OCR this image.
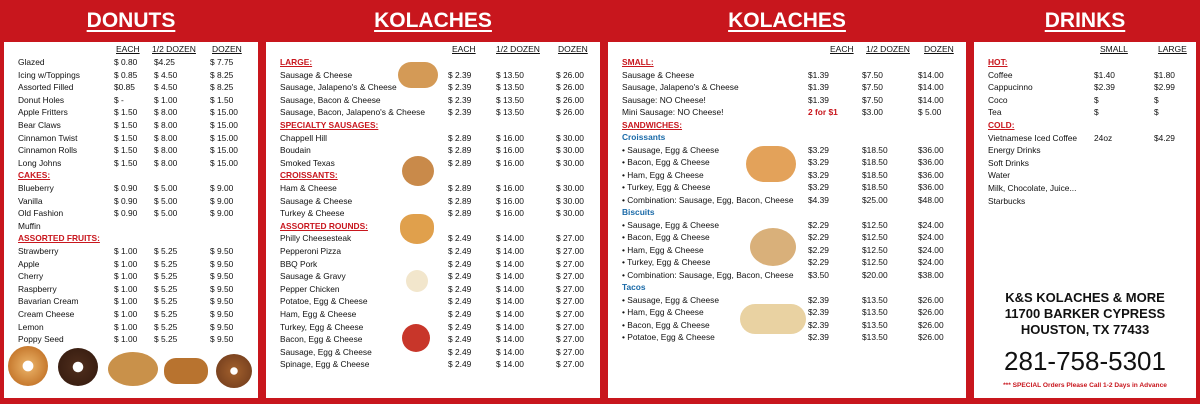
DONUTS
EACH 1/2 DOZEN DOZEN
Glazed	$ 0.80 $4.25	$ 7.75
Icing w/Toppings	$ 0.85 $ 4.50	$ 8.25
Assorted Filled	$0.85 $ 4.50	$ 8.25
Donut Holes	$ -	$ 1.00	$ 1.50
Apple Fritters	$ 1.50 $ 8.00	$ 15.00
Bear Claws	$ 1.50 $ 8.00	$ 15.00
Cinnamon Twist	$ 1.50 $ 8.00	$ 15.00
Cinnamon Rolls	$ 1.50 $ 8.00	$ 15.00
Long Johns	$ 1.50 $ 8.00	$ 15.00
CAKES:
Blueberry	$ 0.90 $ 5.00	$ 9.00
Vanilla	$ 0.90 $ 5.00	$ 9.00
Old Fashion	$ 0.90 $ 5.00	$ 9.00
Muffin
ASSORTED FRUITS:
Strawberry	$ 1.00 $ 5.25	$ 9.50
Apple	$ 1.00 $ 5.25	$ 9.50
Cherry	$ 1.00 $ 5.25	$ 9.50
Raspberry	$ 1.00 $ 5.25	$ 9.50
Bavarian Cream	$ 1.00 $ 5.25	$ 9.50
Cream Cheese	$ 1.00 $ 5.25	$ 9.50
Lemon	$ 1.00 $ 5.25	$ 9.50
Poppy Seed	$ 1.00 $ 5.25	$ 9.50
KOLACHES
EACH 1/2 DOZEN DOZEN
LARGE:
Sausage & Cheese	$ 2.39	$ 13.50	$ 26.00
Sausage, Jalapeno's & Cheese	$ 2.39	$ 13.50	$ 26.00
Sausage, Bacon & Cheese	$ 2.39	$ 13.50	$ 26.00
Sausage, Bacon, Jalapeno's & Cheese	$ 2.39	$ 13.50	$ 26.00
SPECIALTY SAUSAGES:
Chappell Hill	$ 2.89	$ 16.00	$ 30.00
Boudain	$ 2.89	$ 16.00	$ 30.00
Smoked Texas	$ 2.89	$ 16.00	$ 30.00
CROISSANTS:
Ham & Cheese	$ 2.89	$ 16.00	$ 30.00
Sausage & Cheese	$ 2.89	$ 16.00	$ 30.00
Turkey & Cheese	$ 2.89	$ 16.00	$ 30.00
ASSORTED ROUNDS:
Philly Cheesesteak	$ 2.49	$ 14.00	$ 27.00
Pepperoni Pizza	$ 2.49	$ 14.00	$ 27.00
BBQ Pork	$ 2.49	$ 14.00	$ 27.00
Sausage & Gravy	$ 2.49	$ 14.00	$ 27.00
Pepper Chicken	$ 2.49	$ 14.00	$ 27.00
Potatoe, Egg & Cheese	$ 2.49	$ 14.00	$ 27.00
Ham, Egg & Cheese	$ 2.49	$ 14.00	$ 27.00
Turkey, Egg & Cheese	$ 2.49	$ 14.00	$ 27.00
Bacon, Egg & Cheese	$ 2.49	$ 14.00	$ 27.00
Sausage, Egg & Cheese	$ 2.49	$ 14.00	$ 27.00
Spinage, Egg & Cheese	$ 2.49	$ 14.00	$ 27.00
KOLACHES
EACH 1/2 DOZEN DOZEN
SMALL:
Sausage & Cheese	$1.39	$7.50	$14.00
Sausage, Jalapeno's & Cheese	$1.39	$7.50	$14.00
Sausage: NO Cheese!	$1.39	$7.50	$14.00
Mini Sausage: NO Cheese!	2 for $1	$3.00	$ 5.00
SANDWICHES:
Croissants
• Sausage, Egg & Cheese	$3.29	$18.50	$36.00
• Bacon, Egg & Cheese	$3.29	$18.50	$36.00
• Ham, Egg & Cheese	$3.29	$18.50	$36.00
• Turkey, Egg & Cheese	$3.29	$18.50	$36.00
• Combination: Sausage, Egg, Bacon, Cheese $4.39	$25.00	$48.00
Biscuits
• Sausage, Egg & Cheese	$2.29	$12.50	$24.00
• Bacon, Egg & Cheese	$2.29	$12.50	$24.00
• Ham, Egg & Cheese	$2.29	$12.50	$24.00
• Turkey, Egg & Cheese	$2.29	$12.50	$24.00
• Combination: Sausage, Egg, Bacon, Cheese $3.50	$20.00	$38.00
Tacos
• Sausage, Egg & Cheese	$2.39	$13.50	$26.00
• Ham, Egg & Cheese	$2.39	$13.50	$26.00
• Bacon, Egg & Cheese	$2.39	$13.50	$26.00
• Potatoe, Egg & Cheese	$2.39	$13.50	$26.00
DRINKS
K&S KOLACHES & MORE
11700 BARKER CYPRESS
HOUSTON, TX 77433
281-758-5301
*** SPECIAL Orders Please Call 1-2 Days in Advance
SMALL	LARGE
HOT:
Coffee	$1.40	$1.80
Cappucinno	$2.39	$2.99
Coco	$	$
Tea	$	$
COLD:
Vietnamese Iced Coffee 24oz	$4.29
Energy Drinks
Soft Drinks
Water
Milk, Chocolate, Juice...
Starbucks
